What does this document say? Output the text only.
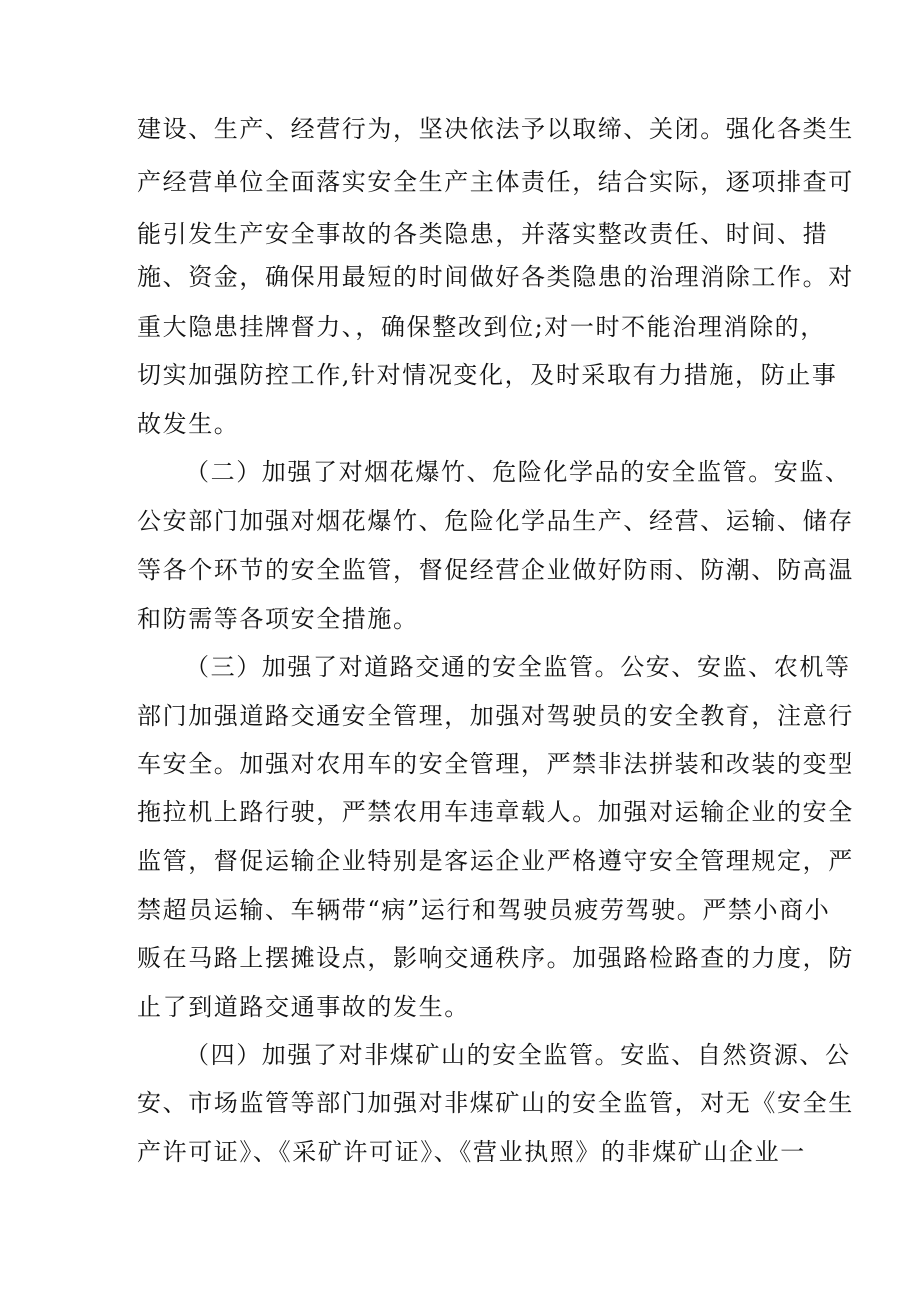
建设、生产、经营行为，坚决依法予以取缔、关闭。强化各类生
产经营单位全面落实安全生产主体责任，结合实际，逐项排查可
能引发生产安全事故的各类隐患，并落实整改责任、时间、措
施、资金，确保用最短的时间做好各类隐患的治理消除工作。对
重大隐患挂牌督力、，确保整改到位;对一时不能治理消除的，
切实加强防控工作,针对情况变化，及时采取有力措施，防止事
故发生。
（二）加强了对烟花爆竹、危险化学品的安全监管。安监、
公安部门加强对烟花爆竹、危险化学品生产、经营、运输、储存
等各个环节的安全监管，督促经营企业做好防雨、防潮、防高温
和防需等各项安全措施。
（三）加强了对道路交通的安全监管。公安、安监、农机等
部门加强道路交通安全管理，加强对驾驶员的安全教育，注意行
车安全。加强对农用车的安全管理，严禁非法拼装和改装的变型
拖拉机上路行驶，严禁农用车违章载人。加强对运输企业的安全
监管，督促运输企业特别是客运企业严格遵守安全管理规定，严
禁超员运输、车辆带“病”运行和驾驶员疲劳驾驶。严禁小商小
贩在马路上摆摊设点，影响交通秩序。加强路检路查的力度，防
止了到道路交通事故的发生。
（四）加强了对非煤矿山的安全监管。安监、自然资源、公
安、市场监管等部门加强对非煤矿山的安全监管，对无《安全生
产许可证》、《采矿许可证》、《营业执照》的非煤矿山企业一
